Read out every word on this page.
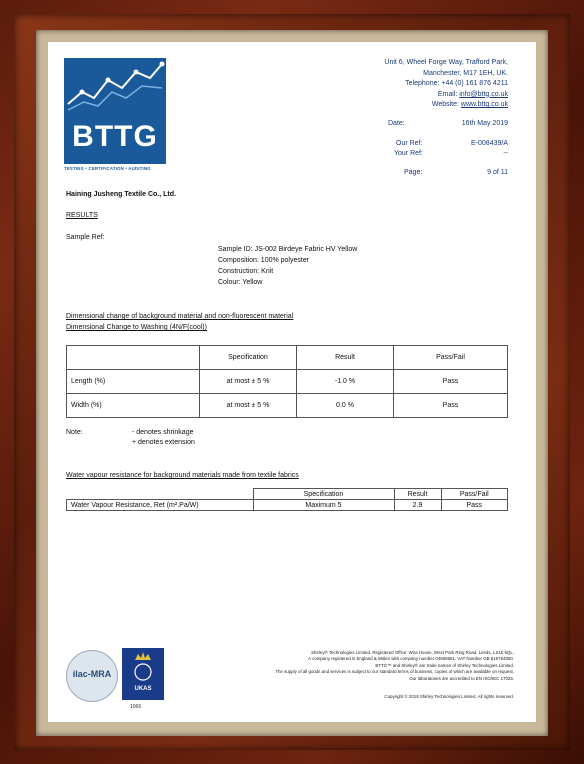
BTTG
TESTING • CERTIFICATION • AUDITING
Unit 6, Wheel Forge Way, Trafford Park,
Manchester, M17 1EH, UK.
Telephone: +44 (0) 161 876 4211
Email: info@bttg.co.uk
Website: www.bttg.co.uk
Date:	16th May 2019
Our Ref:	E-008439/A
Your Ref:	--
Page:	9 of 11
Haining Jusheng Textile Co., Ltd.
RESULTS
Sample Ref:
Sample ID: JS-002 Birdeye Fabric HV Yellow
Composition: 100% polyester
Construction: Knit
Colour: Yellow
Dimensional change of background material and non-fluorescent material
Dimensional Change to Washing (4N/F(cool))
	Specification	Result	Pass/Fail
Length (%)	at most ± 5 %	-1.0 %	Pass
Width (%)	at most ± 5 %	0.0 %	Pass
Note:	- denotes shrinkage
+ denotes extension
Water vapour resistance for background materials made from textile fabrics
	Specification	Result	Pass/Fail
Water Vapour Resistance, Ret (m².Pa/W)	Maximum 5	2.9	Pass
ilac-MRA
UKAS
1066
Shirley® Technologies Limited. Registered Office: Wira House, West Park Ring Road, Leeds, LS16 6QL.
A company registered in England & Wales with company number 04669651. VAT Number GB 816764800.
BTTG™ and Shirley® are trade names of Shirley Technologies Limited.
The supply of all goods and services is subject to our standard terms of business, copies of which are available on request.
Our laboratories are accredited to EN ISO/IEC 17025.
Copyright © 2019 Shirley Technologies Limited. All rights reserved.
